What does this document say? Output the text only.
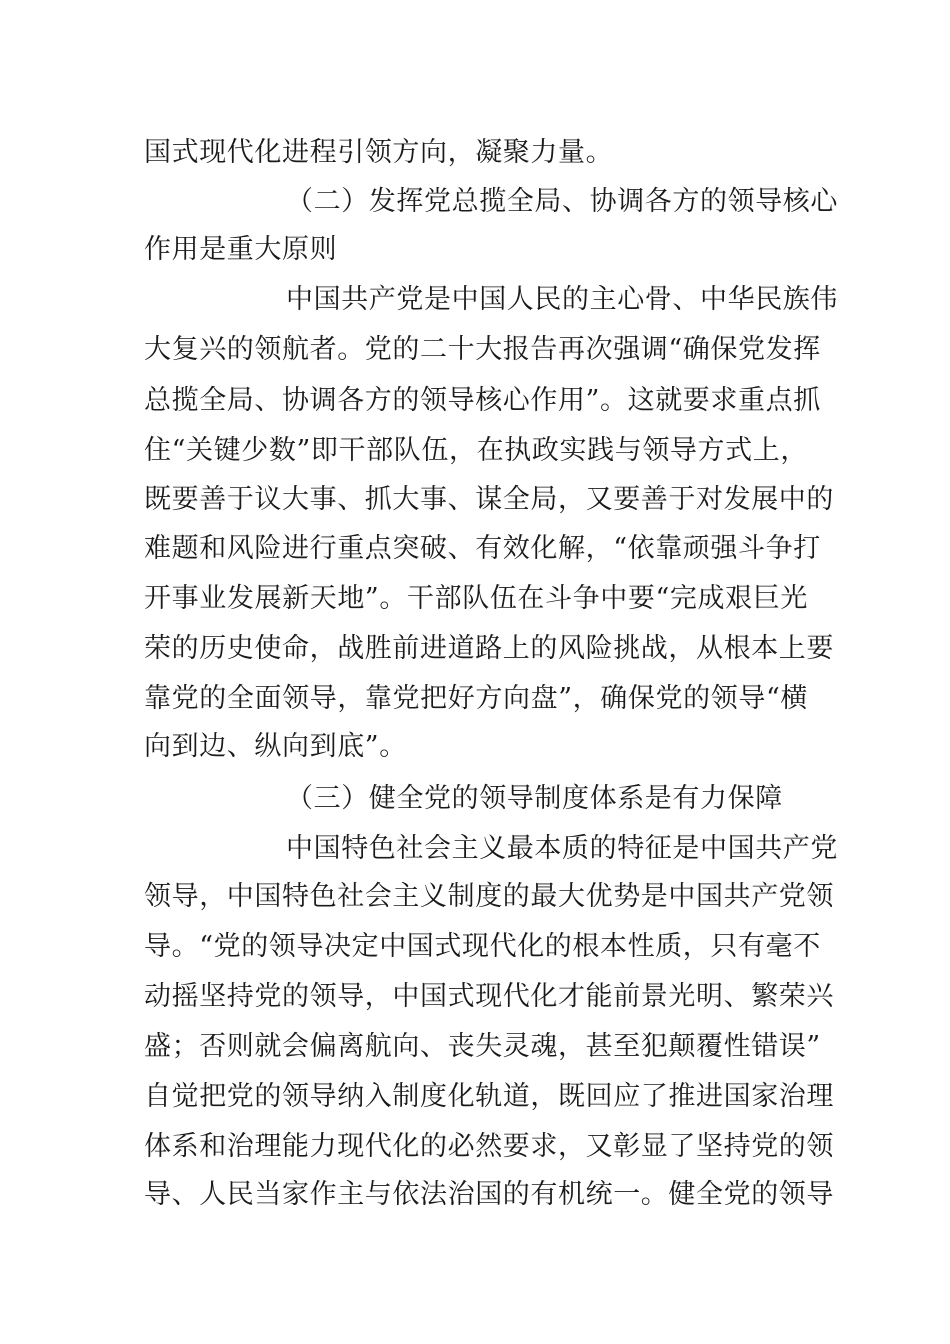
国式现代化进程引领方向，凝聚力量。
（二）发挥党总揽全局、协调各方的领导核心
作用是重大原则
中国共产党是中国人民的主心骨、中华民族伟
大复兴的领航者。党的二十大报告再次强调“确保党发挥
总揽全局、协调各方的领导核心作用”。这就要求重点抓
住“关键少数”即干部队伍，在执政实践与领导方式上，
既要善于议大事、抓大事、谋全局，又要善于对发展中的
难题和风险进行重点突破、有效化解，“依靠顽强斗争打
开事业发展新天地”。干部队伍在斗争中要“完成艰巨光
荣的历史使命，战胜前进道路上的风险挑战，从根本上要
靠党的全面领导，靠党把好方向盘”，确保党的领导“横
向到边、纵向到底”。
（三）健全党的领导制度体系是有力保障
中国特色社会主义最本质的特征是中国共产党
领导，中国特色社会主义制度的最大优势是中国共产党领
导。“党的领导决定中国式现代化的根本性质，只有毫不
动摇坚持党的领导，中国式现代化才能前景光明、繁荣兴
盛；否则就会偏离航向、丧失灵魂，甚至犯颠覆性错误”
自觉把党的领导纳入制度化轨道，既回应了推进国家治理
体系和治理能力现代化的必然要求，又彰显了坚持党的领
导、人民当家作主与依法治国的有机统一。健全党的领导
